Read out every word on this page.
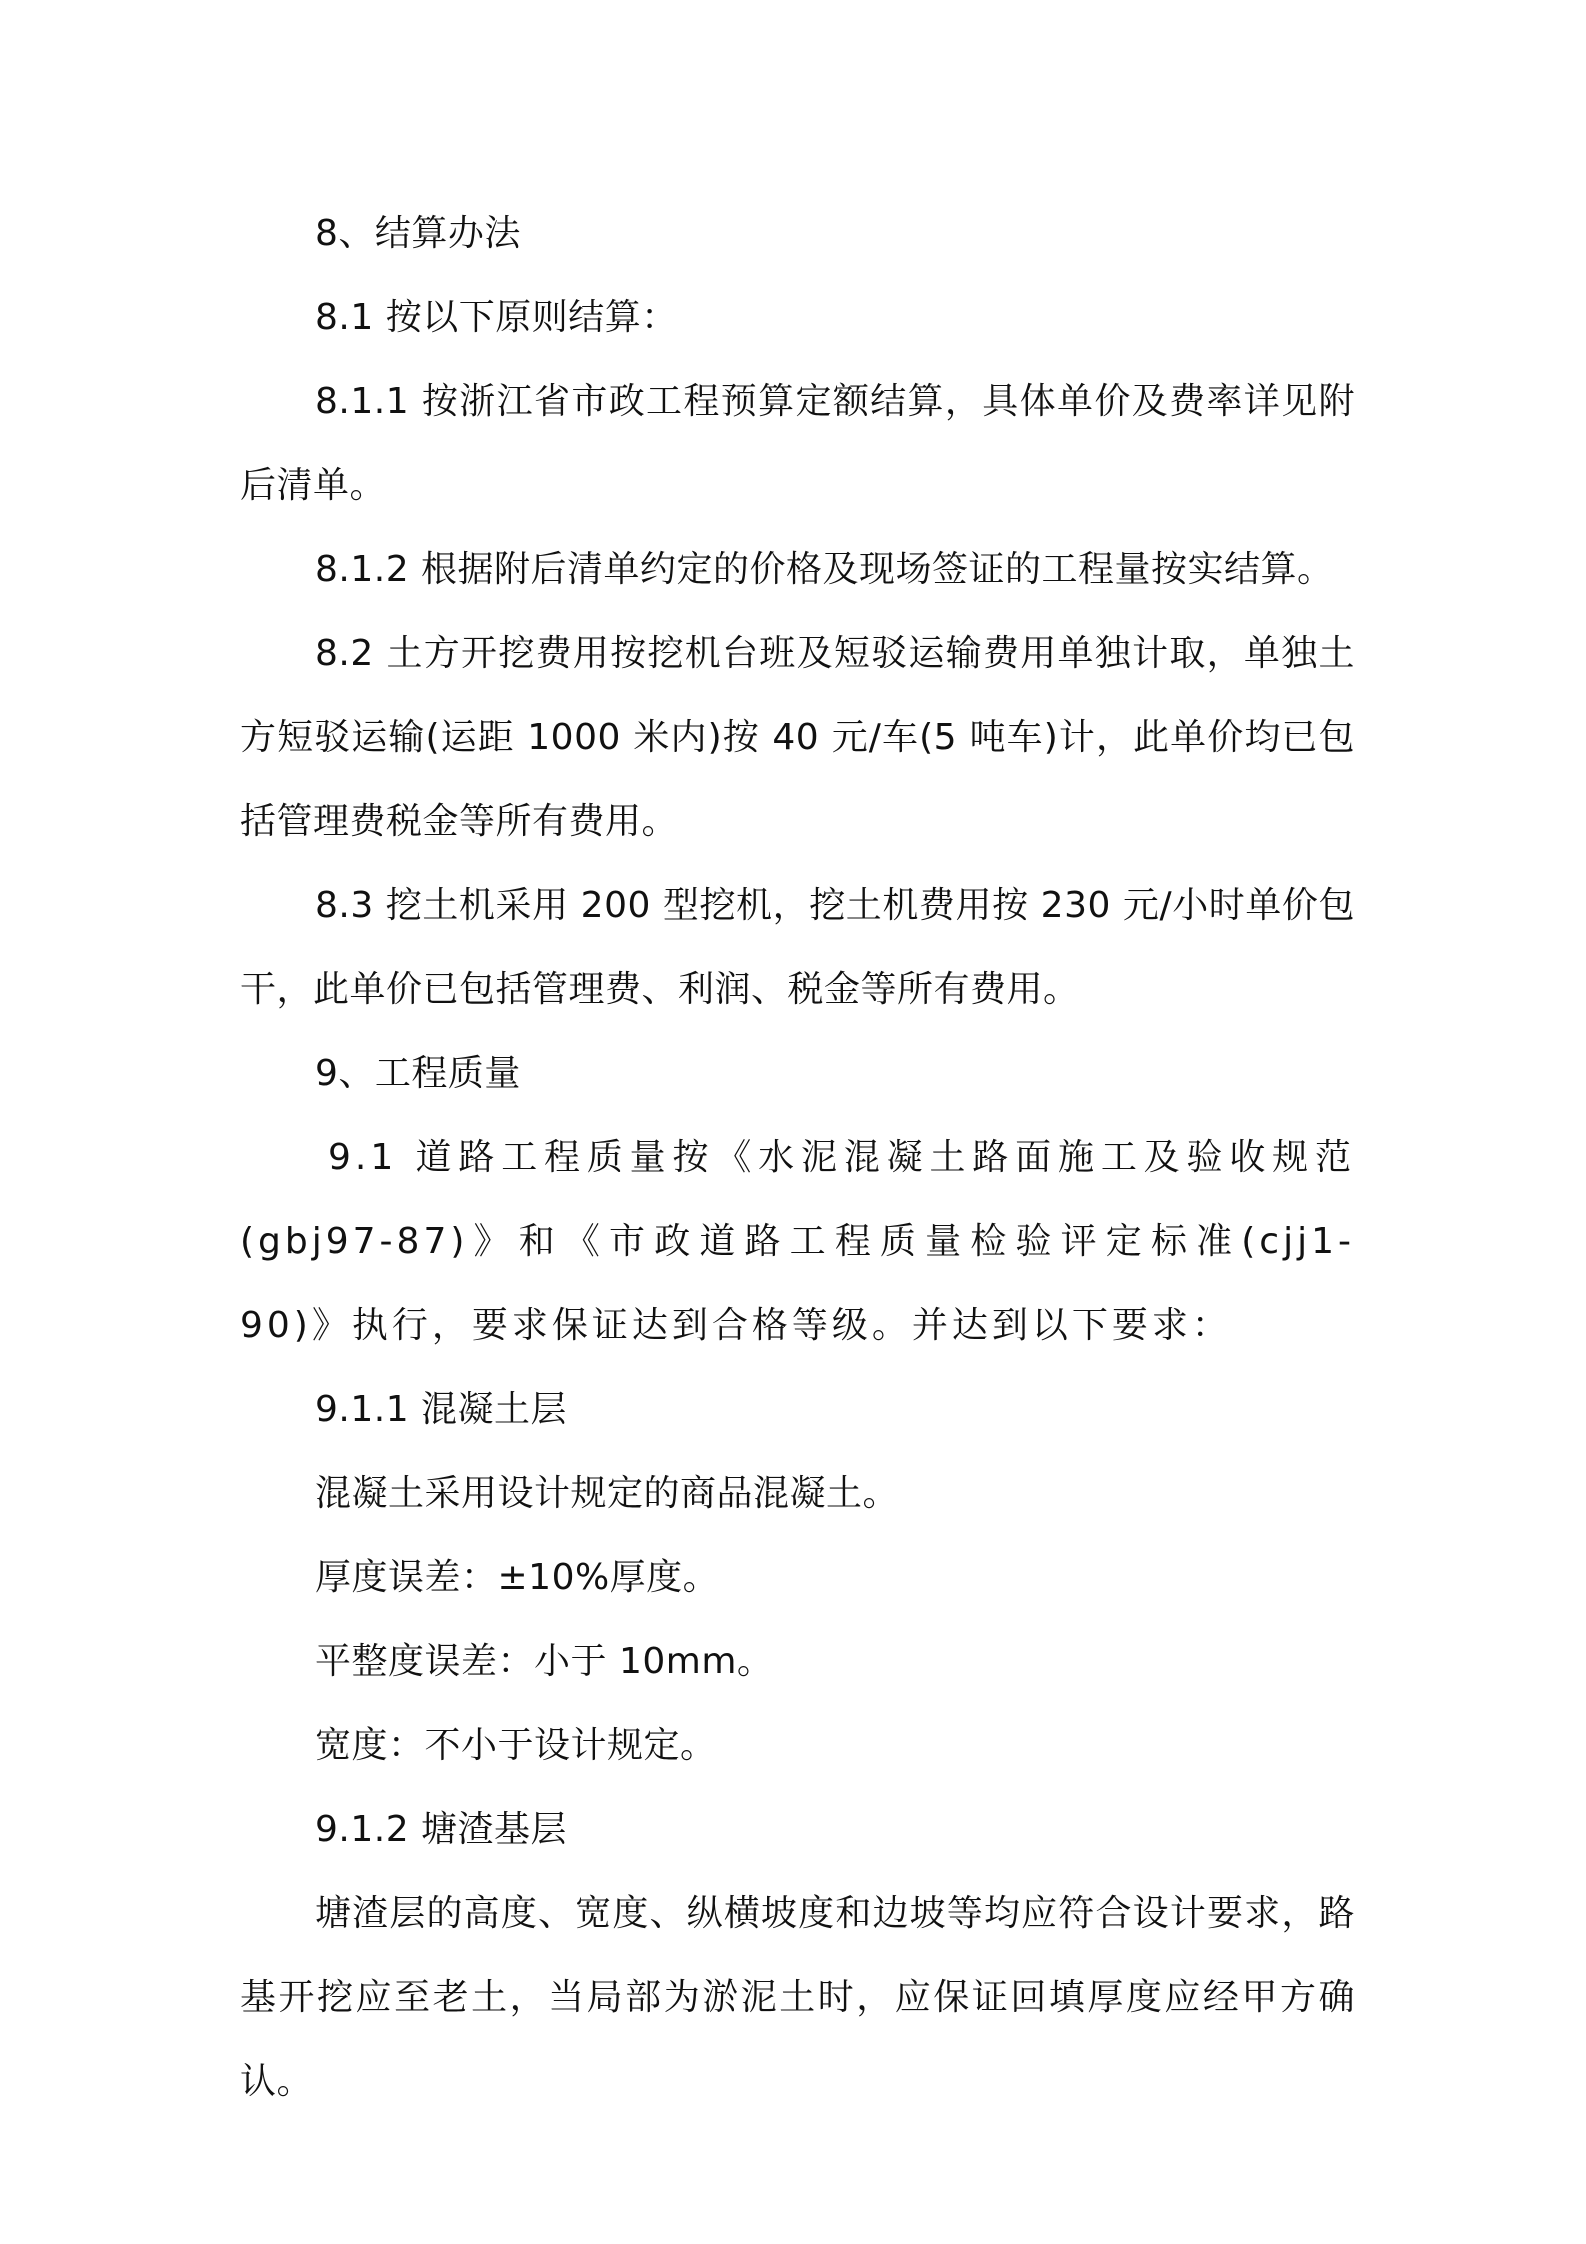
8、结算办法

8.1 按以下原则结算：

8.1.1 按浙江省市政工程预算定额结算，具体单价及费率详见附后清单。

8.1.2 根据附后清单约定的价格及现场签证的工程量按实结算。

8.2 土方开挖费用按挖机台班及短驳运输费用单独计取，单独土方短驳运输(运距 1000 米内)按 40 元/车(5 吨车)计，此单价均已包括管理费税金等所有费用。

8.3 挖土机采用 200 型挖机，挖土机费用按 230 元/小时单价包干，此单价已包括管理费、利润、税金等所有费用。

9、工程质量

9.1 道路工程质量按《水泥混凝土路面施工及验收规范(gbj97-87)》和《市政道路工程质量检验评定标准(cjj1-90)》执行，要求保证达到合格等级。并达到以下要求：

9.1.1 混凝土层

混凝土采用设计规定的商品混凝土。

厚度误差：±10%厚度。

平整度误差：小于 10mm。

宽度：不小于设计规定。

9.1.2 塘渣基层

塘渣层的高度、宽度、纵横坡度和边坡等均应符合设计要求，路基开挖应至老土，当局部为淤泥土时，应保证回填厚度应经甲方确认。
